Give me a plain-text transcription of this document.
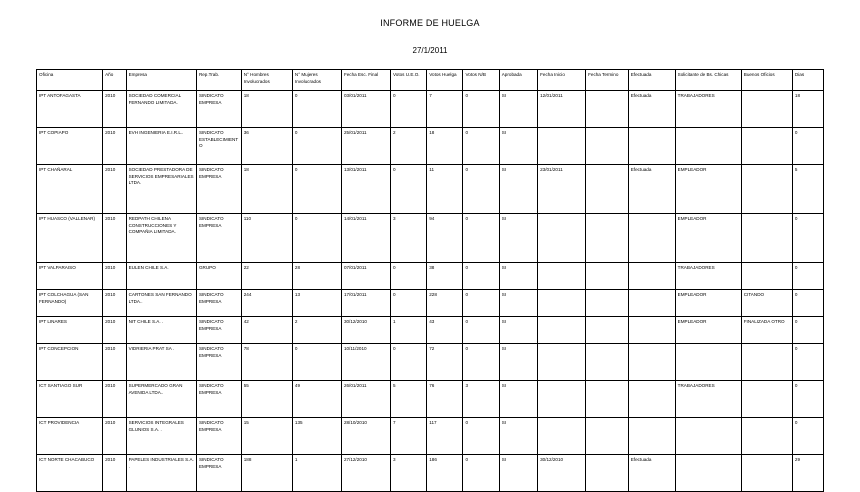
INFORME DE HUELGA
27/1/2011
Oficina	Año	Empresa	Rep.Trab.	N° Hombres Involucrados	N° Mujeres Involucrados	Fecha Esc. Final	Votos U.E.O.	Votos Huelga	Votos N/B	Aprobada	Fecha Inicio	Fecha Termino	Efectuada	Solicitante de Bs. Chicas	Buenos Oficios	Dias
IPT ANTOFAGASTA	2010	SOCIEDAD COMERCIAL FERNANDO LIMITADA.	SINDICATO EMPRESA	18	0	03/01/2011	0	7	0	SI	12/01/2011		Efectuada	TRABAJADORES		18
IPT COPIAPO	2010	EVH INGENIERIA E.I.R.L..	SINDICATO ESTABLECIMIENTO	36	0	25/01/2011	2	18	0	SI						0
IPT CHAÑARAL	2010	SOCIEDAD PRESTADORA DE SERVICIOS EMPRESARIALES LTDA.	SINDICATO EMPRESA	18	0	13/01/2011	0	11	0	SI	23/01/2011		Efectuada	EMPLEADOR		5
IPT HUASCO (VALLENAR)	2010	REDPATH CHILENA CONSTRUCCIONES Y COMPAÑIA LIMITADA.	SINDICATO EMPRESA	110	0	14/01/2011	3	94	0	SI				EMPLEADOR		0
IPT VALPARAISO	2010	EULEN CHILE S.A.	GRUPO	22	28	07/01/2011	0	38	0	SI				TRABAJADORES		0
IPT COLCHAGUA (SAN FERNANDO)	2010	CARTONES SAN FERNANDO LTDA..	SINDICATO EMPRESA	244	13	17/01/2011	0	228	0	SI				EMPLEADOR	CITANDO	0
IPT LINARES	2010	NIT CHILE S.A. .	SINDICATO EMPRESA	42	2	30/12/2010	1	43	0	SI				EMPLEADOR	FINALIZADA OTRO	0
IPT CONCEPCION	2010	VIDRIERIA PRAT SA .	SINDICATO EMPRESA	78	0	10/11/2010	0	72	0	SI						0
ICT SANTIAGO SUR	2010	SUPERMERCADO GRAN AVENIDA LTDA..	SINDICATO EMPRESA	55	49	26/01/2011	5	76	3	SI				TRABAJADORES		0
ICT PROVIDENCIA	2010	SERVICIOS INTEGRALES GLUNIOS S.A. .	SINDICATO EMPRESA	15	135	28/10/2010	7	117	0	SI						0
ICT NORTE CHACABUCO	2010	PAPELES INDUSTRIALES S.A. .	SINDICATO EMPRESA	188	1	27/12/2010	3	186	0	SI	30/12/2010		Efectuada			29
